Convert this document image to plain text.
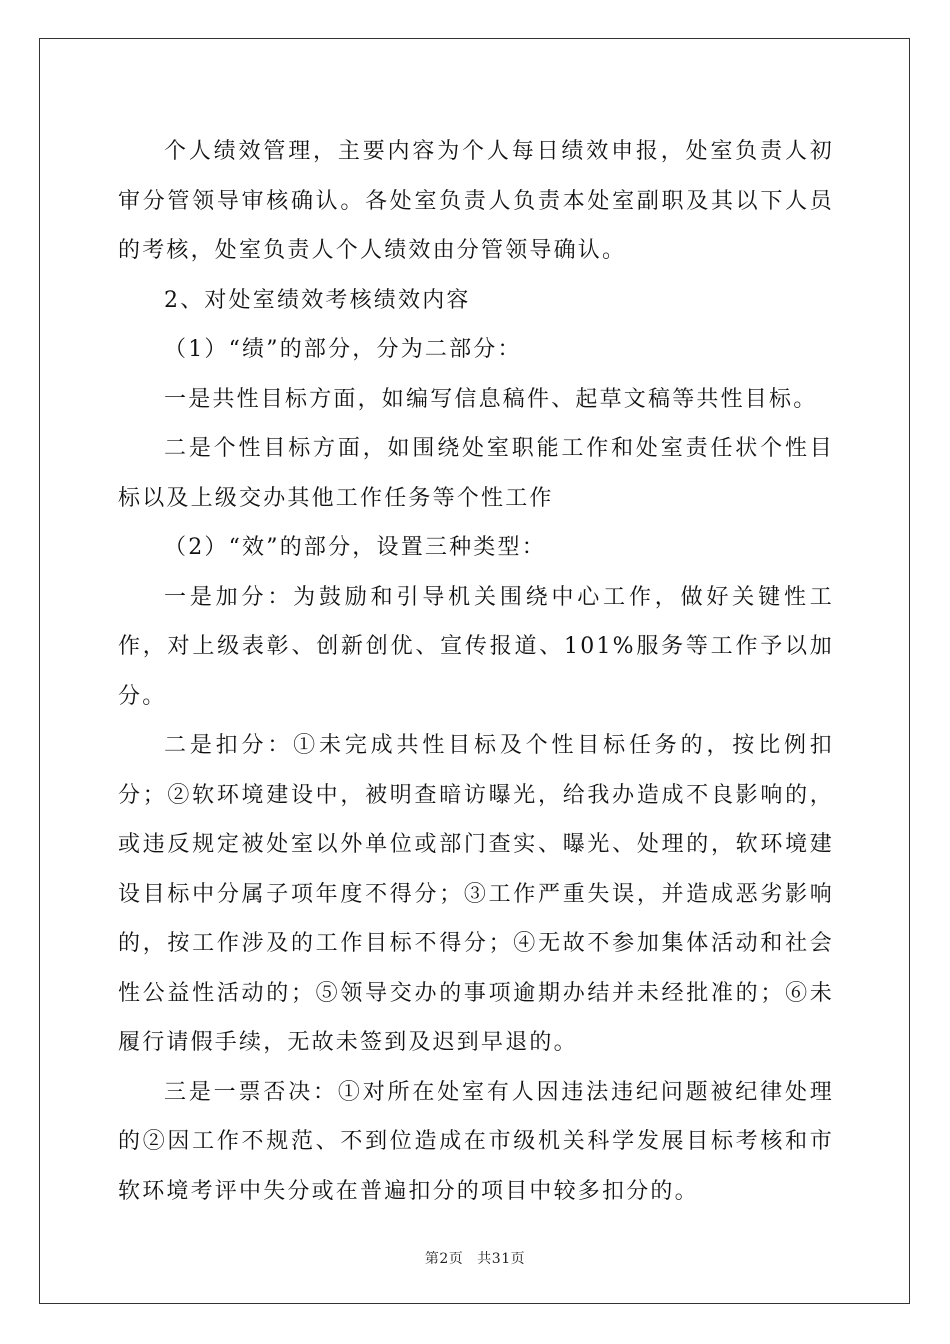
个人绩效管理，主要内容为个人每日绩效申报，处室负责人初审分管领导审核确认。各处室负责人负责本处室副职及其以下人员的考核，处室负责人个人绩效由分管领导确认。

2、对处室绩效考核绩效内容

（1）“绩”的部分，分为二部分：

一是共性目标方面，如编写信息稿件、起草文稿等共性目标。

二是个性目标方面，如围绕处室职能工作和处室责任状个性目标以及上级交办其他工作任务等个性工作

（2）“效”的部分，设置三种类型：

一是加分：为鼓励和引导机关围绕中心工作，做好关键性工作，对上级表彰、创新创优、宣传报道、101%服务等工作予以加分。

二是扣分：①未完成共性目标及个性目标任务的，按比例扣分；②软环境建设中，被明查暗访曝光，给我办造成不良影响的，或违反规定被处室以外单位或部门查实、曝光、处理的，软环境建设目标中分属子项年度不得分；③工作严重失误，并造成恶劣影响的，按工作涉及的工作目标不得分；④无故不参加集体活动和社会性公益性活动的；⑤领导交办的事项逾期办结并未经批准的；⑥未履行请假手续，无故未签到及迟到早退的。

三是一票否决：①对所在处室有人因违法违纪问题被纪律处理的②因工作不规范、不到位造成在市级机关科学发展目标考核和市软环境考评中失分或在普遍扣分的项目中较多扣分的。

第2页 共31页
